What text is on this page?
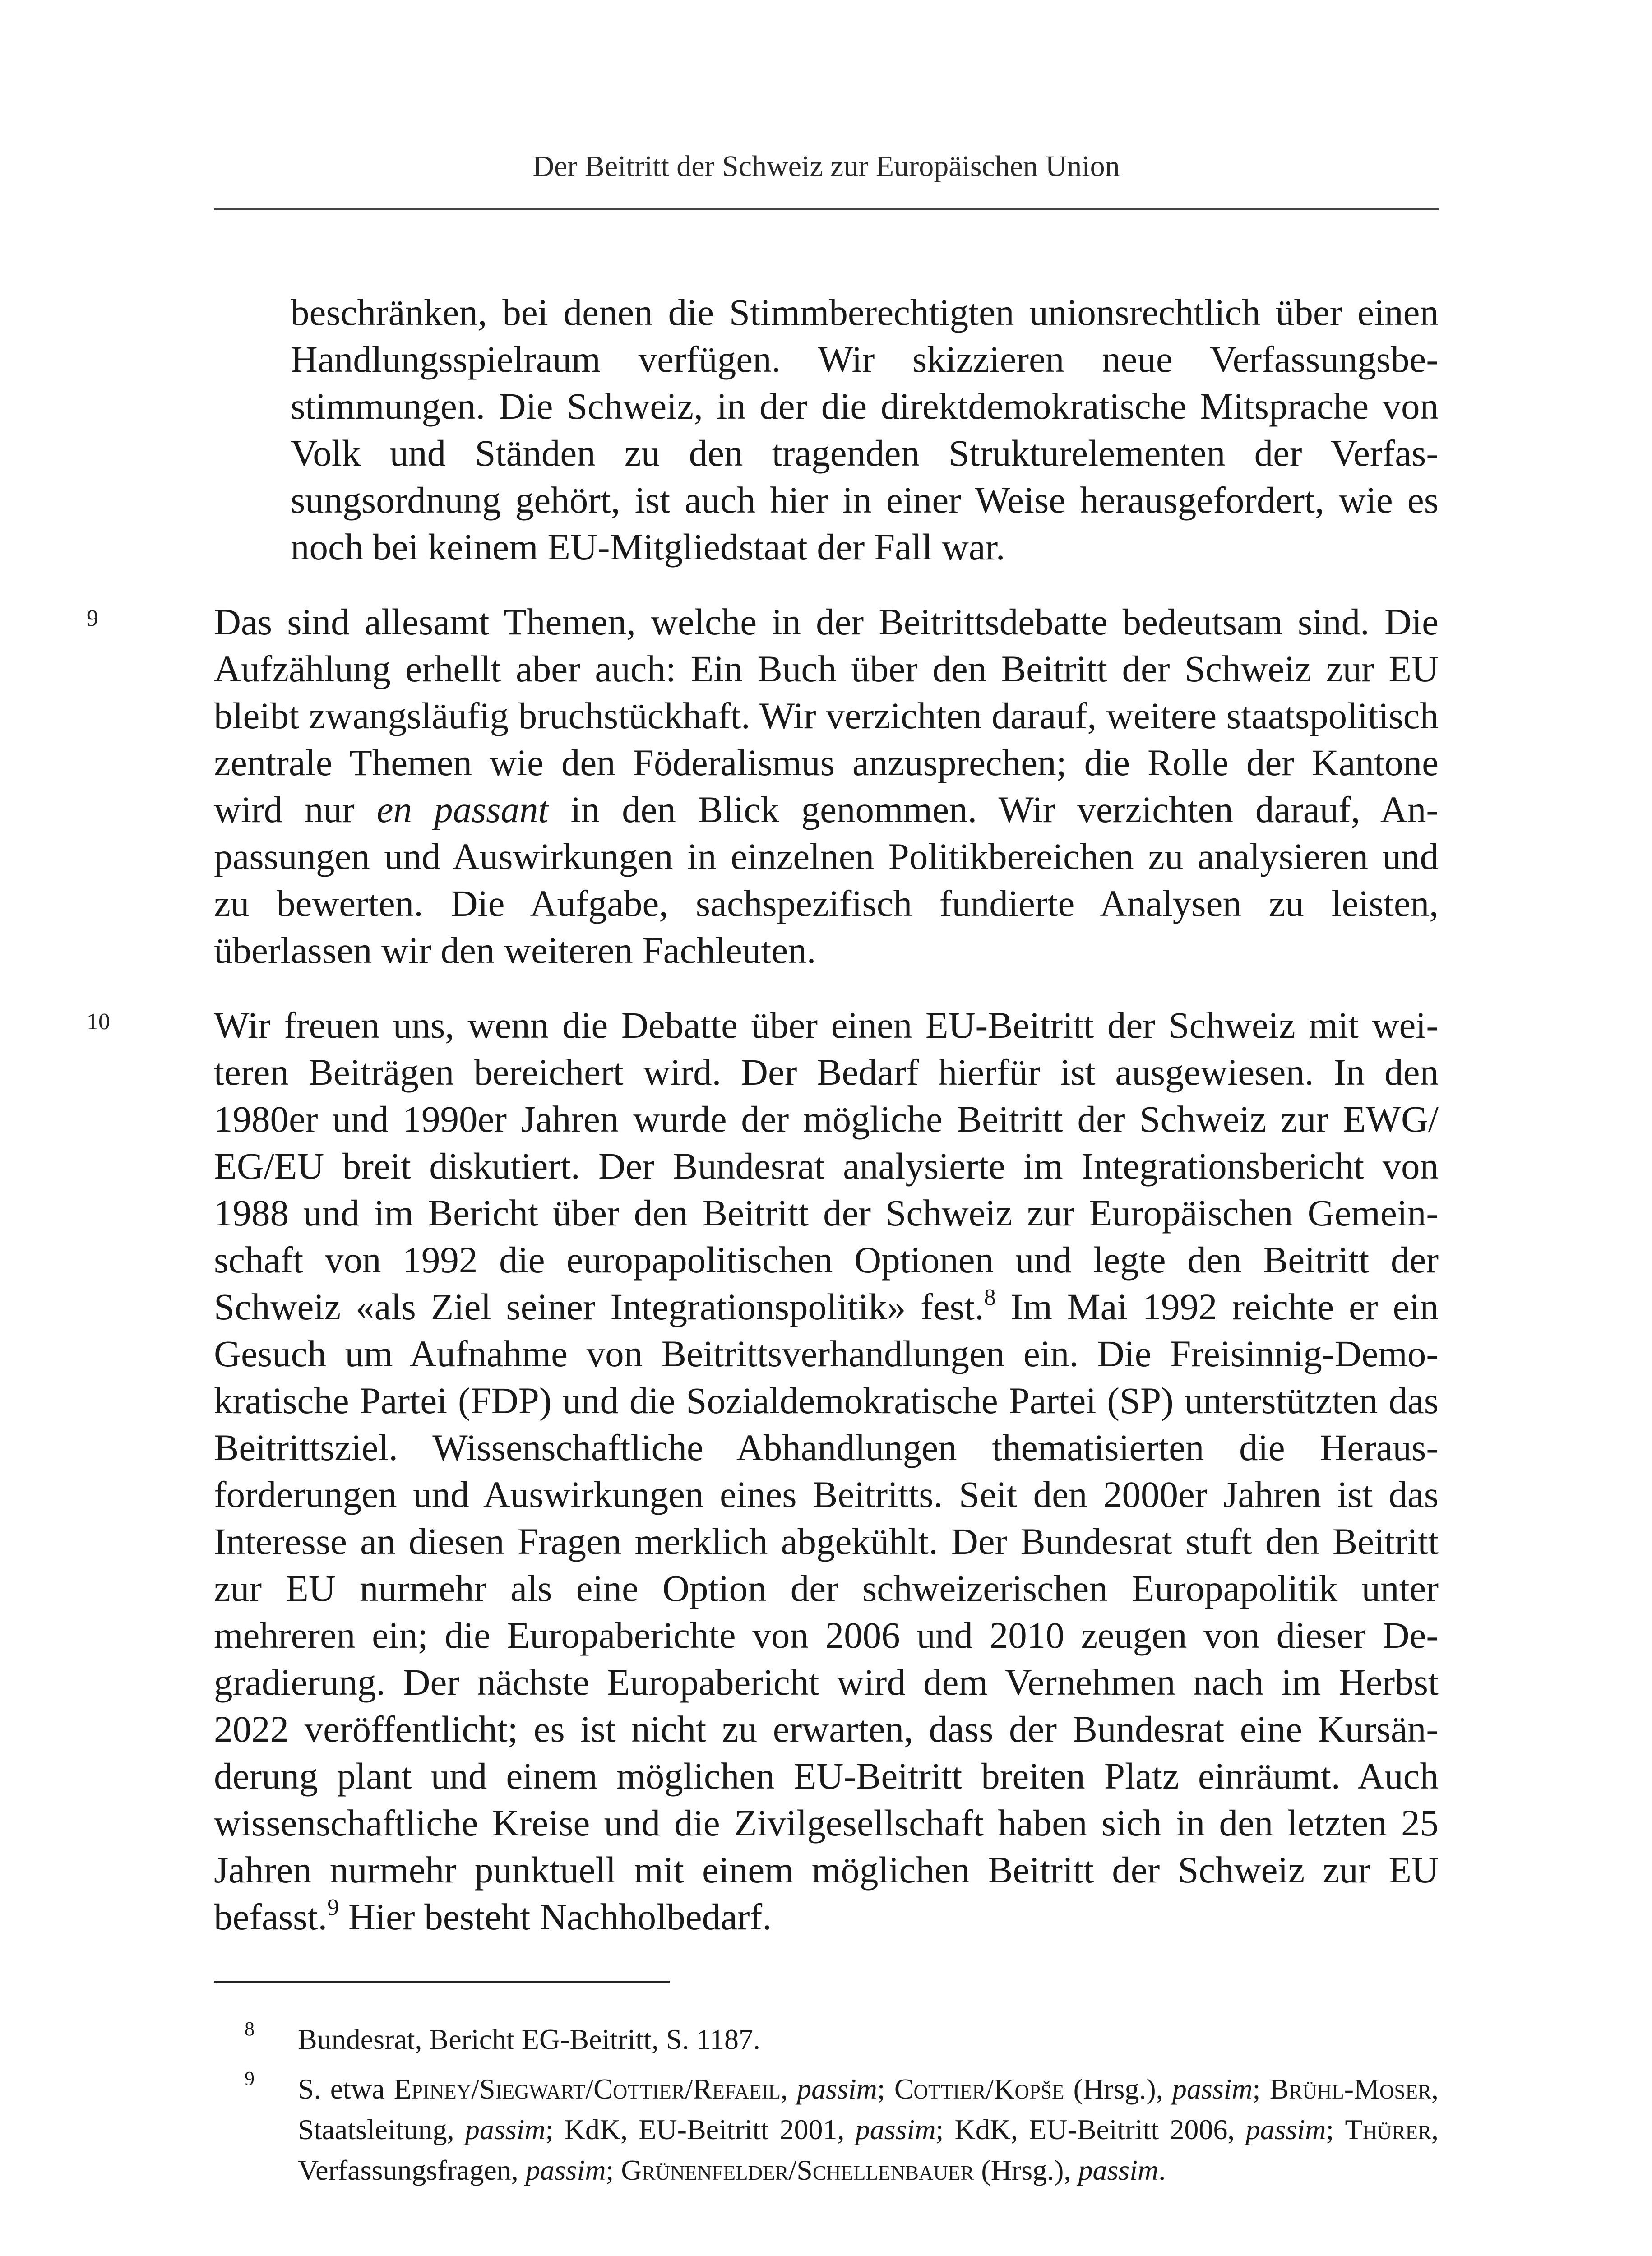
Der Beitritt der Schweiz zur Europäischen Union

beschränken, bei denen die Stimmberechtigten unionsrechtlich über einen Handlungsspielraum verfügen. Wir skizzieren neue Verfassungsbestimmungen. Die Schweiz, in der die direktdemokratische Mitsprache von Volk und Ständen zu den tragenden Strukturelementen der Verfassungsordnung gehört, ist auch hier in einer Weise herausgefordert, wie es noch bei keinem EU-Mitgliedstaat der Fall war.

9	Das sind allesamt Themen, welche in der Beitrittsdebatte bedeutsam sind. Die Aufzählung erhellt aber auch: Ein Buch über den Beitritt der Schweiz zur EU bleibt zwangsläufig bruchstückhaft. Wir verzichten darauf, weitere staatspolitisch zentrale Themen wie den Föderalismus anzusprechen; die Rolle der Kantone wird nur en passant in den Blick genommen. Wir verzichten darauf, Anpassungen und Auswirkungen in einzelnen Politikbereichen zu analysieren und zu bewerten. Die Aufgabe, sachspezifisch fundierte Analysen zu leisten, überlassen wir den weiteren Fachleuten.

10	Wir freuen uns, wenn die Debatte über einen EU-Beitritt der Schweiz mit weiteren Beiträgen bereichert wird. Der Bedarf hierfür ist ausgewiesen. In den 1980er und 1990er Jahren wurde der mögliche Beitritt der Schweiz zur EWG/ EG/EU breit diskutiert. Der Bundesrat analysierte im Integrationsbericht von 1988 und im Bericht über den Beitritt der Schweiz zur Europäischen Gemeinschaft von 1992 die europapolitischen Optionen und legte den Beitritt der Schweiz «als Ziel seiner Integrationspolitik» fest.$^8$ Im Mai 1992 reichte er ein Gesuch um Aufnahme von Beitrittsverhandlungen ein. Die Freisinnig-Demokratische Partei (FDP) und die Sozialdemokratische Partei (SP) unterstützten das Beitrittsziel. Wissenschaftliche Abhandlungen thematisierten die Herausforderungen und Auswirkungen eines Beitritts. Seit den 2000er Jahren ist das Interesse an diesen Fragen merklich abgekühlt. Der Bundesrat stuft den Beitritt zur EU nurmehr als eine Option der schweizerischen Europapolitik unter mehreren ein; die Europaberichte von 2006 und 2010 zeugen von dieser Degradierung. Der nächste Europabericht wird dem Vernehmen nach im Herbst 2022 veröffentlicht; es ist nicht zu erwarten, dass der Bundesrat eine Kursänderung plant und einem möglichen EU-Beitritt breiten Platz einräumt. Auch wissenschaftliche Kreise und die Zivilgesellschaft haben sich in den letzten 25 Jahren nurmehr punktuell mit einem möglichen Beitritt der Schweiz zur EU befasst.$^9$ Hier besteht Nachholbedarf.

8 Bundesrat, Bericht EG-Beitritt, S. 1187.
9 S. etwa Epiney/Siegwart/Cottier/Refaeil, passim; Cottier/Kopše (Hrsg.), passim; Brühl-Moser, Staatsleitung, passim; KdK, EU-Beitritt 2001, passim; KdK, EU-Beitritt 2006, passim; Thürer, Verfassungsfragen, passim; Grünenfelder/Schellenbauer (Hrsg.), passim.
